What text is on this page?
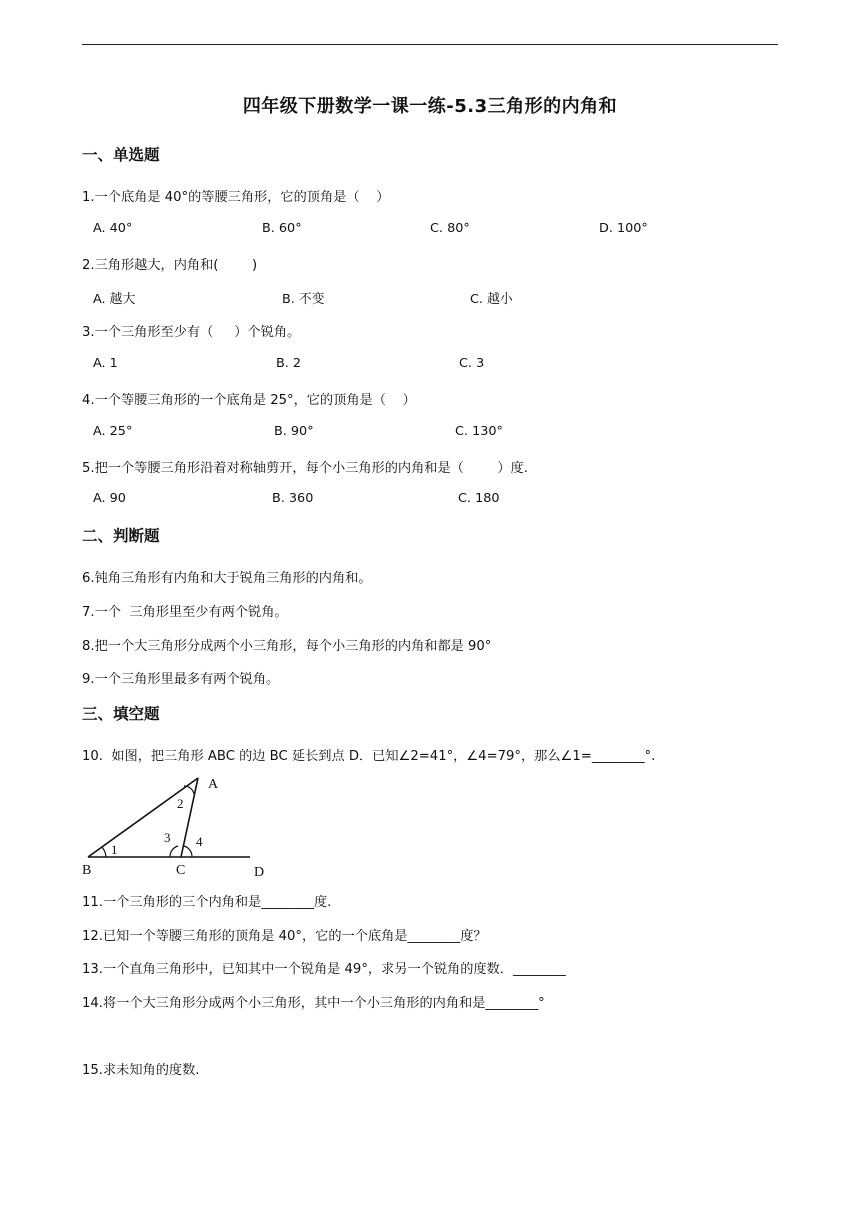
四年级下册数学一课一练-5.3三角形的内角和
一、单选题
1.一个底角是 40°的等腰三角形，它的顶角是（    ）
A. 40°	B. 60°	C. 80°	D. 100°
2.三角形越大，内角和(        )
A. 越大	B. 不变	C. 越小
3.一个三角形至少有（     ）个锐角。
A. 1	B. 2	C. 3
4.一个等腰三角形的一个底角是 25°，它的顶角是（    ）
A. 25°	B. 90°	C. 130°
5.把一个等腰三角形沿着对称轴剪开，每个小三角形的内角和是（        ）度.
A. 90	B. 360	C. 180
二、判断题
6.钝角三角形有内角和大于锐角三角形的内角和。
7.一个  三角形里至少有两个锐角。
8.把一个大三角形分成两个小三角形，每个小三角形的内角和都是 90°
9.一个三角形里最多有两个锐角。
三、填空题
10.  如图，把三角形 ABC 的边 BC 延长到点 D．已知∠2=41°，∠4=79°，那么∠1=________°.
A
B	C	D
1
2
3 4
11.一个三角形的三个内角和是________度.
12.已知一个等腰三角形的顶角是 40°，它的一个底角是________度？
13.一个直角三角形中，已知其中一个锐角是 49°，求另一个锐角的度数．________
14.将一个大三角形分成两个小三角形，其中一个小三角形的内角和是________°
15.求未知角的度数.
